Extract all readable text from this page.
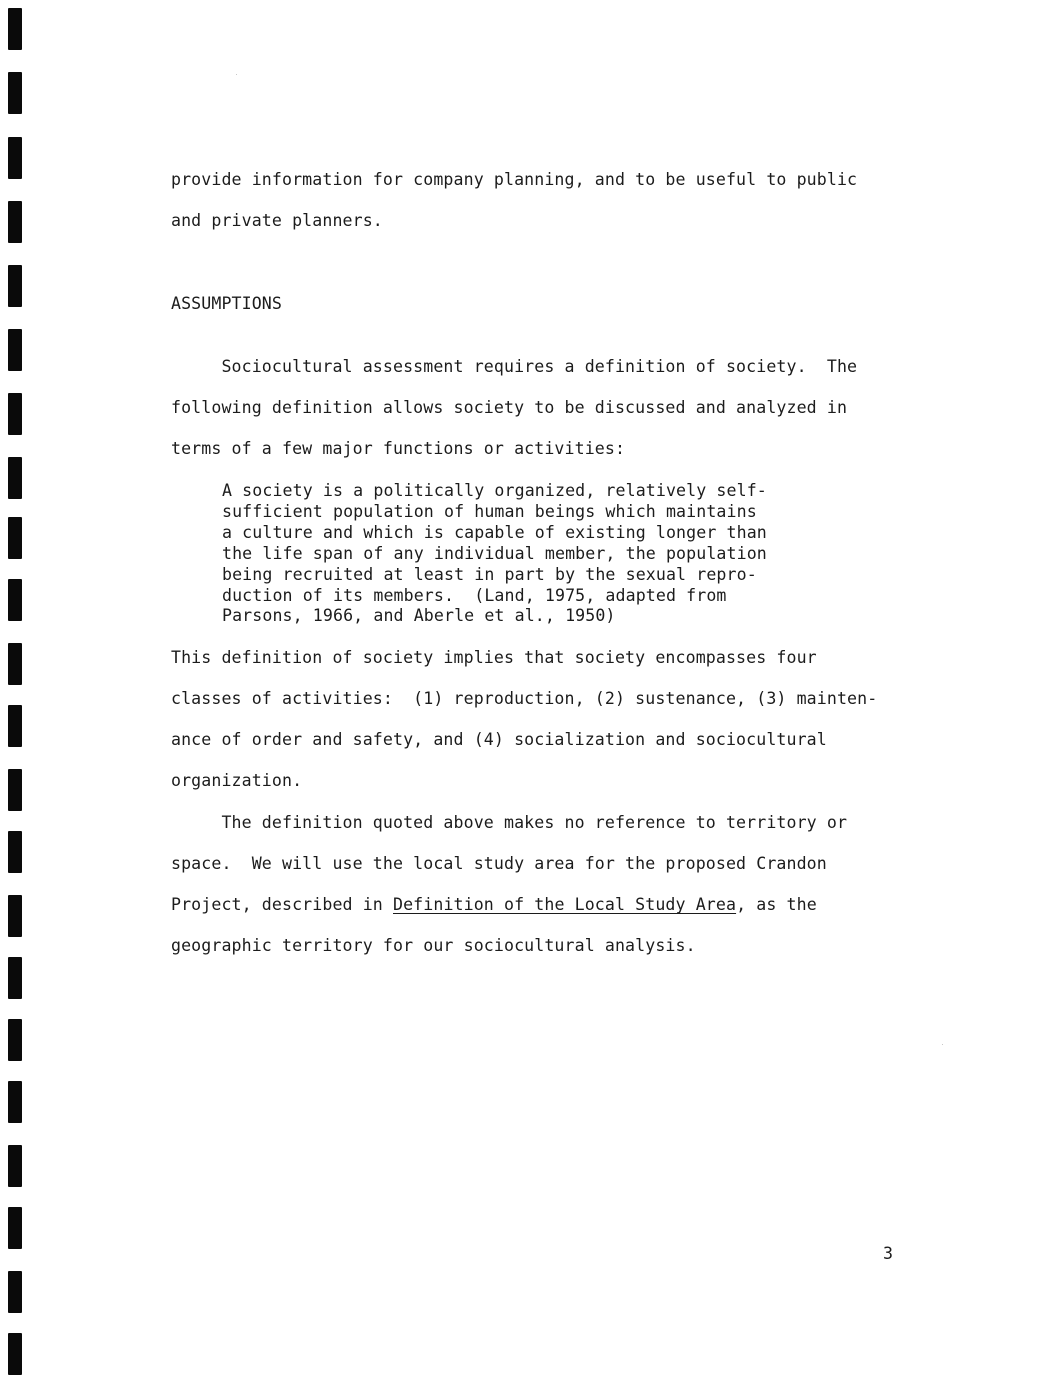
provide information for company planning, and to be useful to public
and private planners.
ASSUMPTIONS
Sociocultural assessment requires a definition of society.  The
following definition allows society to be discussed and analyzed in
terms of a few major functions or activities:
A society is a politically organized, relatively self-
sufficient population of human beings which maintains
a culture and which is capable of existing longer than
the life span of any individual member, the population
being recruited at least in part by the sexual repro-
duction of its members.  (Land, 1975, adapted from
Parsons, 1966, and Aberle et al., 1950)
This definition of society implies that society encompasses four
classes of activities:  (1) reproduction, (2) sustenance, (3) mainten-
ance of order and safety, and (4) socialization and sociocultural
organization.
The definition quoted above makes no reference to territory or
space.  We will use the local study area for the proposed Crandon
Project, described in Definition of the Local Study Area, as the
geographic territory for our sociocultural analysis.
3
